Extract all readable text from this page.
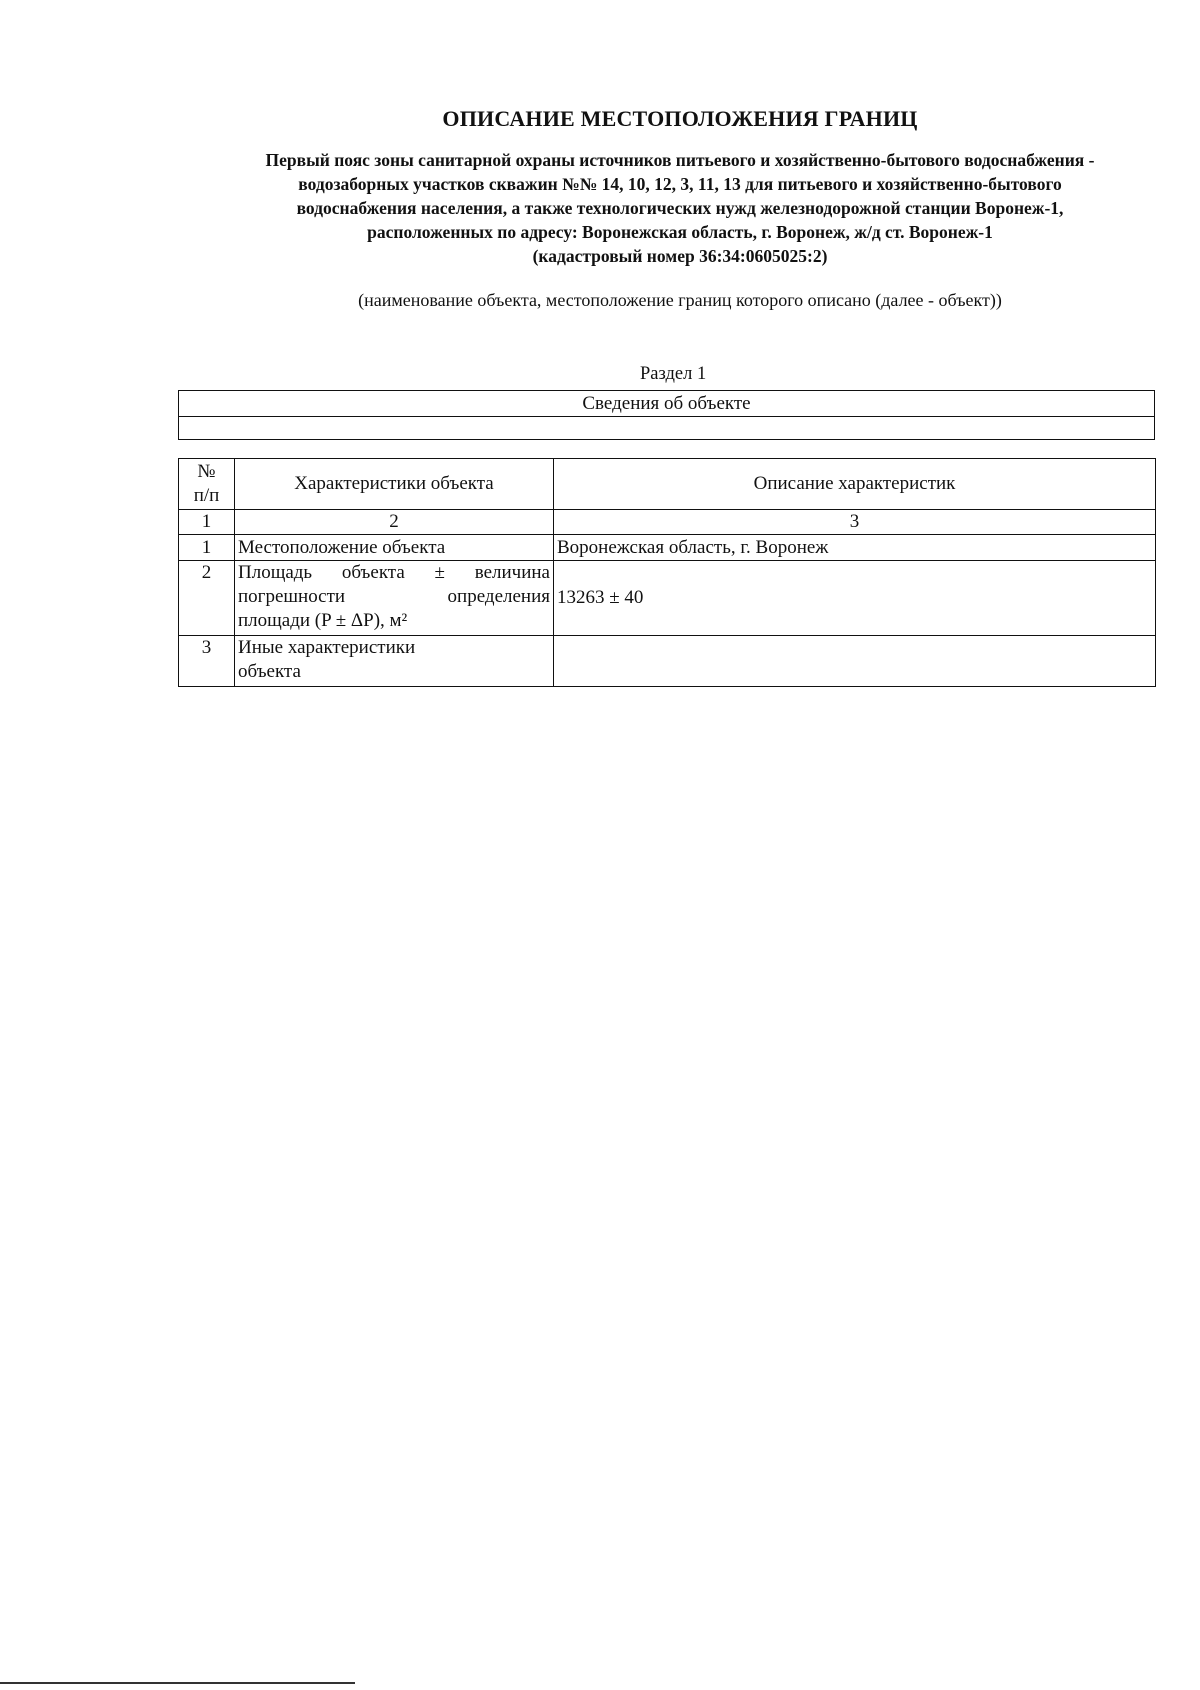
ОПИСАНИЕ МЕСТОПОЛОЖЕНИЯ ГРАНИЦ
Первый пояс зоны санитарной охраны источников питьевого и хозяйственно-бытового водоснабжения -
водозаборных участков скважин №№ 14, 10, 12, 3, 11, 13 для питьевого и хозяйственно-бытового
водоснабжения населения, а также технологических нужд железнодорожной станции Воронеж-1,
расположенных по адресу: Воронежская область, г. Воронеж, ж/д ст. Воронеж-1
(кадастровый номер 36:34:0605025:2)
(наименование объекта, местоположение границ которого описано (далее - объект))
Раздел 1
Сведения об объекте

№
п/п	Характеристики объекта	Описание характеристик
1	2	3
1	Местоположение объекта	Воронежская область, г. Воронеж
2	Площадь объекта ± величина
погрешности определения
площади (P ± ΔP), м²	13263 ± 40
3	Иные характеристики
объекта	
